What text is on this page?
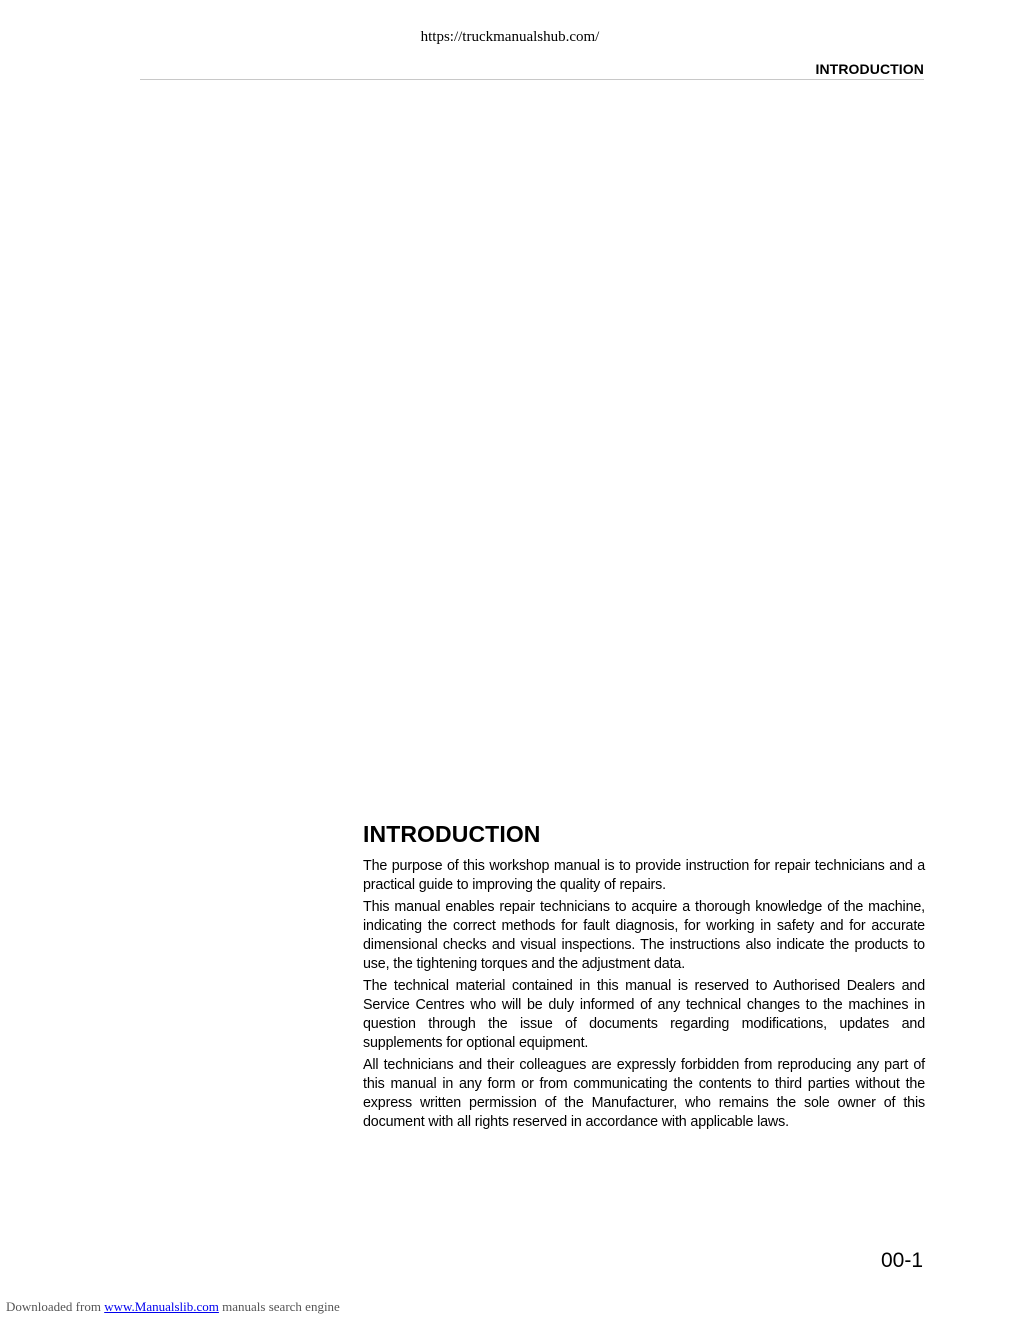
https://truckmanualshub.com/
INTRODUCTION
INTRODUCTION

The purpose of this workshop manual is to provide instruction for repair technicians and a practical guide to improving the quality of repairs.

This manual enables repair technicians to acquire a thorough knowledge of the machine, indicating the correct methods for fault diagnosis, for working in safety and for accurate dimensional checks and visual inspections. The instructions also indicate the products to use, the tightening torques and the adjustment data.

The technical material contained in this manual is reserved to Authorised Dealers and Service Centres who will be duly informed of any technical changes to the machines in question through the issue of documents regarding modifications, updates and supplements for optional equipment.

All technicians and their colleagues are expressly forbidden from reproducing any part of this manual in any form or from communicating the contents to third parties without the express written permission of the Manufacturer, who remains the sole owner of this document with all rights reserved in accordance with applicable laws.

00-1
Downloaded from www.Manualslib.com manuals search engine
